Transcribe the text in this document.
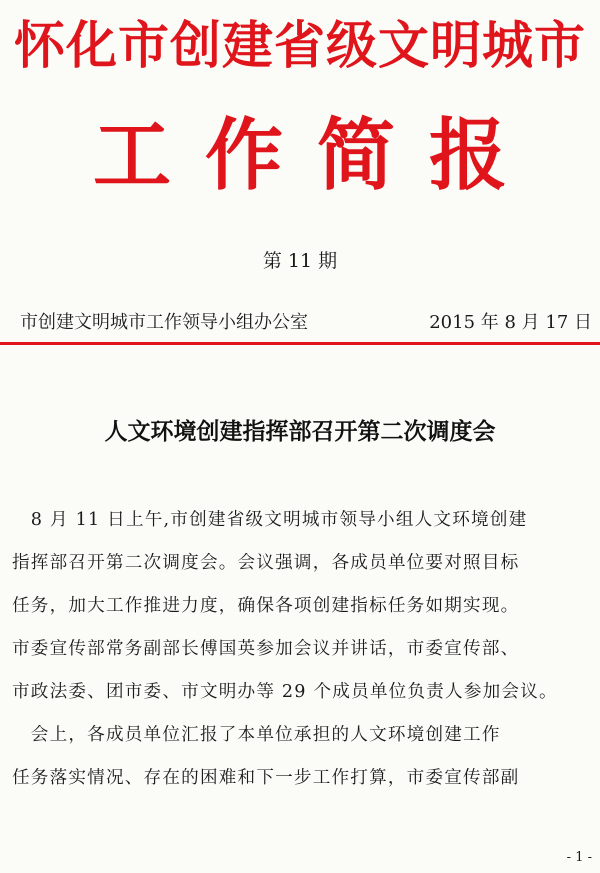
怀化市创建省级文明城市
工作简报
第 11 期
市创建文明城市工作领导小组办公室	2015 年 8 月 17 日
人文环境创建指挥部召开第二次调度会
　8 月 11 日上午,市创建省级文明城市领导小组人文环境创建
指挥部召开第二次调度会。会议强调，各成员单位要对照目标
任务，加大工作推进力度，确保各项创建指标任务如期实现。
市委宣传部常务副部长傅国英参加会议并讲话，市委宣传部、
市政法委、团市委、市文明办等 29 个成员单位负责人参加会议。
　会上，各成员单位汇报了本单位承担的人文环境创建工作
任务落实情况、存在的困难和下一步工作打算，市委宣传部副
- 1 -
